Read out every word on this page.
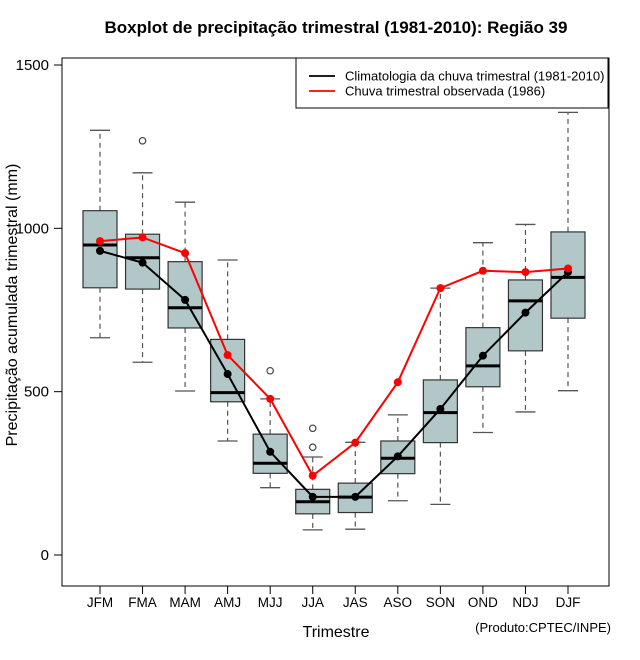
Boxplot de precipitação trimestral (1981-2010): Região 39
Precipitação acumulada trimestral (mm)
0
500
1000
1500
JFM FMA MAM AMJ MJJ JJA JAS ASO SON OND NDJ DJF
Trimestre	(Produto:CPTEC/INPE)
Climatologia da chuva trimestral (1981-2010)
Chuva trimestral observada (1986)
